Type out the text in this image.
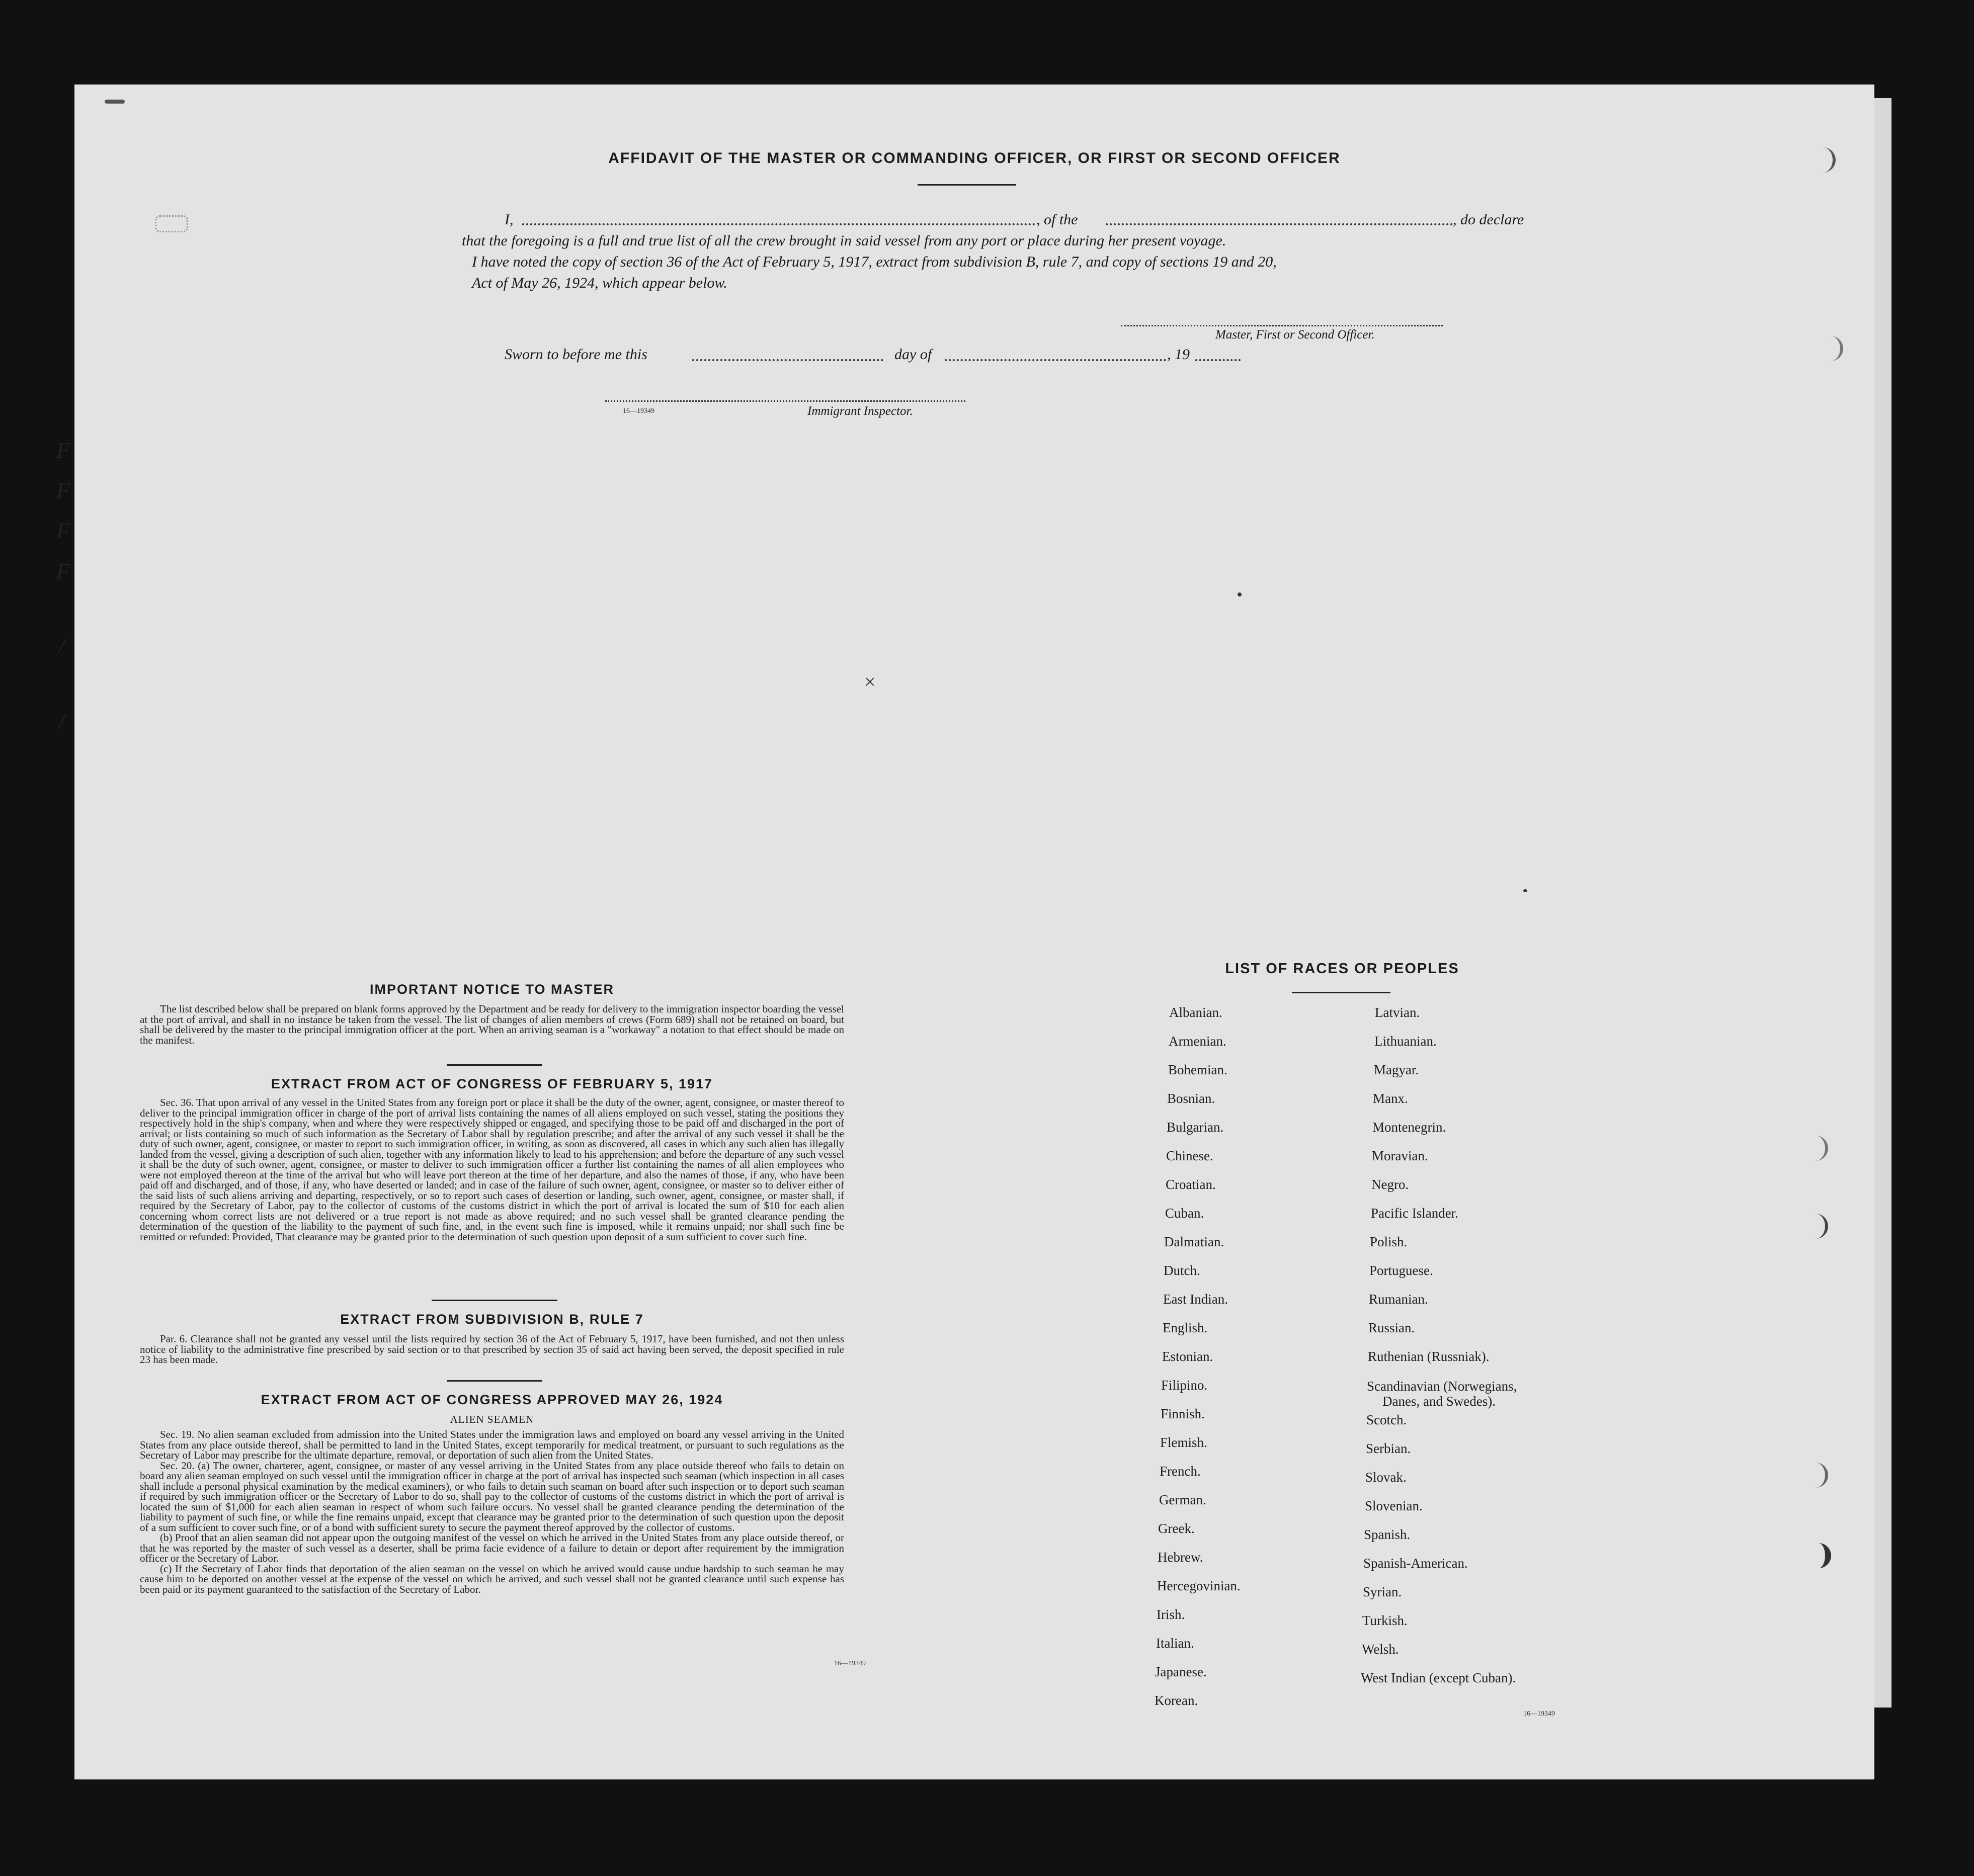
AFFIDAVIT OF THE MASTER OR COMMANDING OFFICER, OR FIRST OR SECOND OFFICER
I,	, of the	, do declare
that the foregoing is a full and true list of all the crew brought in said vessel from any port or place during her present voyage.
I have noted the copy of section 36 of the Act of February 5, 1917, extract from subdivision B, rule 7, and copy of sections 19 and 20,
Act of May 26, 1924, which appear below.
Master, First or Second Officer.
Sworn to before me this	day of	, 19
16—19349	Immigrant Inspector.
IMPORTANT NOTICE TO MASTER

The list described below shall be prepared on blank forms approved by the Department and be ready for delivery to the immigration inspector boarding the vessel at the port of arrival, and shall in no instance be taken from the vessel. The list of changes of alien members of crews (Form 689) shall not be retained on board, but shall be delivered by the master to the principal immigration officer at the port. When an arriving seaman is a "workaway" a notation to that effect should be made on the manifest.

EXTRACT FROM ACT OF CONGRESS OF FEBRUARY 5, 1917

Sec. 36. That upon arrival of any vessel in the United States from any foreign port or place it shall be the duty of the owner, agent, consignee, or master thereof to deliver to the principal immigration officer in charge of the port of arrival lists containing the names of all aliens employed on such vessel, stating the positions they respectively hold in the ship's company, when and where they were respectively shipped or engaged, and specifying those to be paid off and discharged in the port of arrival; or lists containing so much of such information as the Secretary of Labor shall by regulation prescribe; and after the arrival of any such vessel it shall be the duty of such owner, agent, consignee, or master to report to such immigration officer, in writing, as soon as discovered, all cases in which any such alien has illegally landed from the vessel, giving a description of such alien, together with any information likely to lead to his apprehension; and before the departure of any such vessel it shall be the duty of such owner, agent, consignee, or master to deliver to such immigration officer a further list containing the names of all alien employees who were not employed thereon at the time of the arrival but who will leave port thereon at the time of her departure, and also the names of those, if any, who have been paid off and discharged, and of those, if any, who have deserted or landed; and in case of the failure of such owner, agent, consignee, or master so to deliver either of the said lists of such aliens arriving and departing, respectively, or so to report such cases of desertion or landing, such owner, agent, consignee, or master shall, if required by the Secretary of Labor, pay to the collector of customs of the customs district in which the port of arrival is located the sum of $10 for each alien concerning whom correct lists are not delivered or a true report is not made as above required; and no such vessel shall be granted clearance pending the determination of the question of the liability to the payment of such fine, and, in the event such fine is imposed, while it remains unpaid; nor shall such fine be remitted or refunded: Provided, That clearance may be granted prior to the determination of such question upon deposit of a sum sufficient to cover such fine.

EXTRACT FROM SUBDIVISION B, RULE 7

Par. 6. Clearance shall not be granted any vessel until the lists required by section 36 of the Act of February 5, 1917, have been furnished, and not then unless notice of liability to the administrative fine prescribed by said section or to that prescribed by section 35 of said act having been served, the deposit specified in rule 23 has been made.

EXTRACT FROM ACT OF CONGRESS APPROVED MAY 26, 1924
ALIEN SEAMEN

Sec. 19. No alien seaman excluded from admission into the United States under the immigration laws and employed on board any vessel arriving in the United States from any place outside thereof, shall be permitted to land in the United States, except temporarily for medical treatment, or pursuant to such regulations as the Secretary of Labor may prescribe for the ultimate departure, removal, or deportation of such alien from the United States.

Sec. 20. (a) The owner, charterer, agent, consignee, or master of any vessel arriving in the United States from any place outside thereof who fails to detain on board any alien seaman employed on such vessel until the immigration officer in charge at the port of arrival has inspected such seaman (which inspection in all cases shall include a personal physical examination by the medical examiners), or who fails to detain such seaman on board after such inspection or to deport such seaman if required by such immigration officer or the Secretary of Labor to do so, shall pay to the collector of customs of the customs district in which the port of arrival is located the sum of $1,000 for each alien seaman in respect of whom such failure occurs. No vessel shall be granted clearance pending the determination of the liability to payment of such fine, or while the fine remains unpaid, except that clearance may be granted prior to the determination of such question upon the deposit of a sum sufficient to cover such fine, or of a bond with sufficient surety to secure the payment thereof approved by the collector of customs.

(b) Proof that an alien seaman did not appear upon the outgoing manifest of the vessel on which he arrived in the United States from any place outside thereof, or that he was reported by the master of such vessel as a deserter, shall be prima facie evidence of a failure to detain or deport after requirement by the immigration officer or the Secretary of Labor.

(c) If the Secretary of Labor finds that deportation of the alien seaman on the vessel on which he arrived would cause undue hardship to such seaman he may cause him to be deported on another vessel at the expense of the vessel on which he arrived, and such vessel shall not be granted clearance until such expense has been paid or its payment guaranteed to the satisfaction of the Secretary of Labor.

16—19349
LIST OF RACES OR PEOPLES
Albanian.
Armenian.
Bohemian.
Bosnian.
Bulgarian.
Chinese.
Croatian.
Cuban.
Dalmatian.
Dutch.
East Indian.
English.
Estonian.
Filipino.
Finnish.
Flemish.
French.
German.
Greek.
Hebrew.
Hercegovinian.
Irish.
Italian.
Japanese.
Korean.
Latvian.
Lithuanian.
Magyar.
Manx.
Montenegrin.
Moravian.
Negro.
Pacific Islander.
Polish.
Portuguese.
Rumanian.
Russian.
Ruthenian (Russniak).
Scandinavian (Norwegians,
Danes, and Swedes).
Scotch.
Serbian.
Slovak.
Slovenian.
Spanish.
Spanish-American.
Syrian.
Turkish.
Welsh.
West Indian (except Cuban).
16—19349
×
F
F
F
F
/
/
